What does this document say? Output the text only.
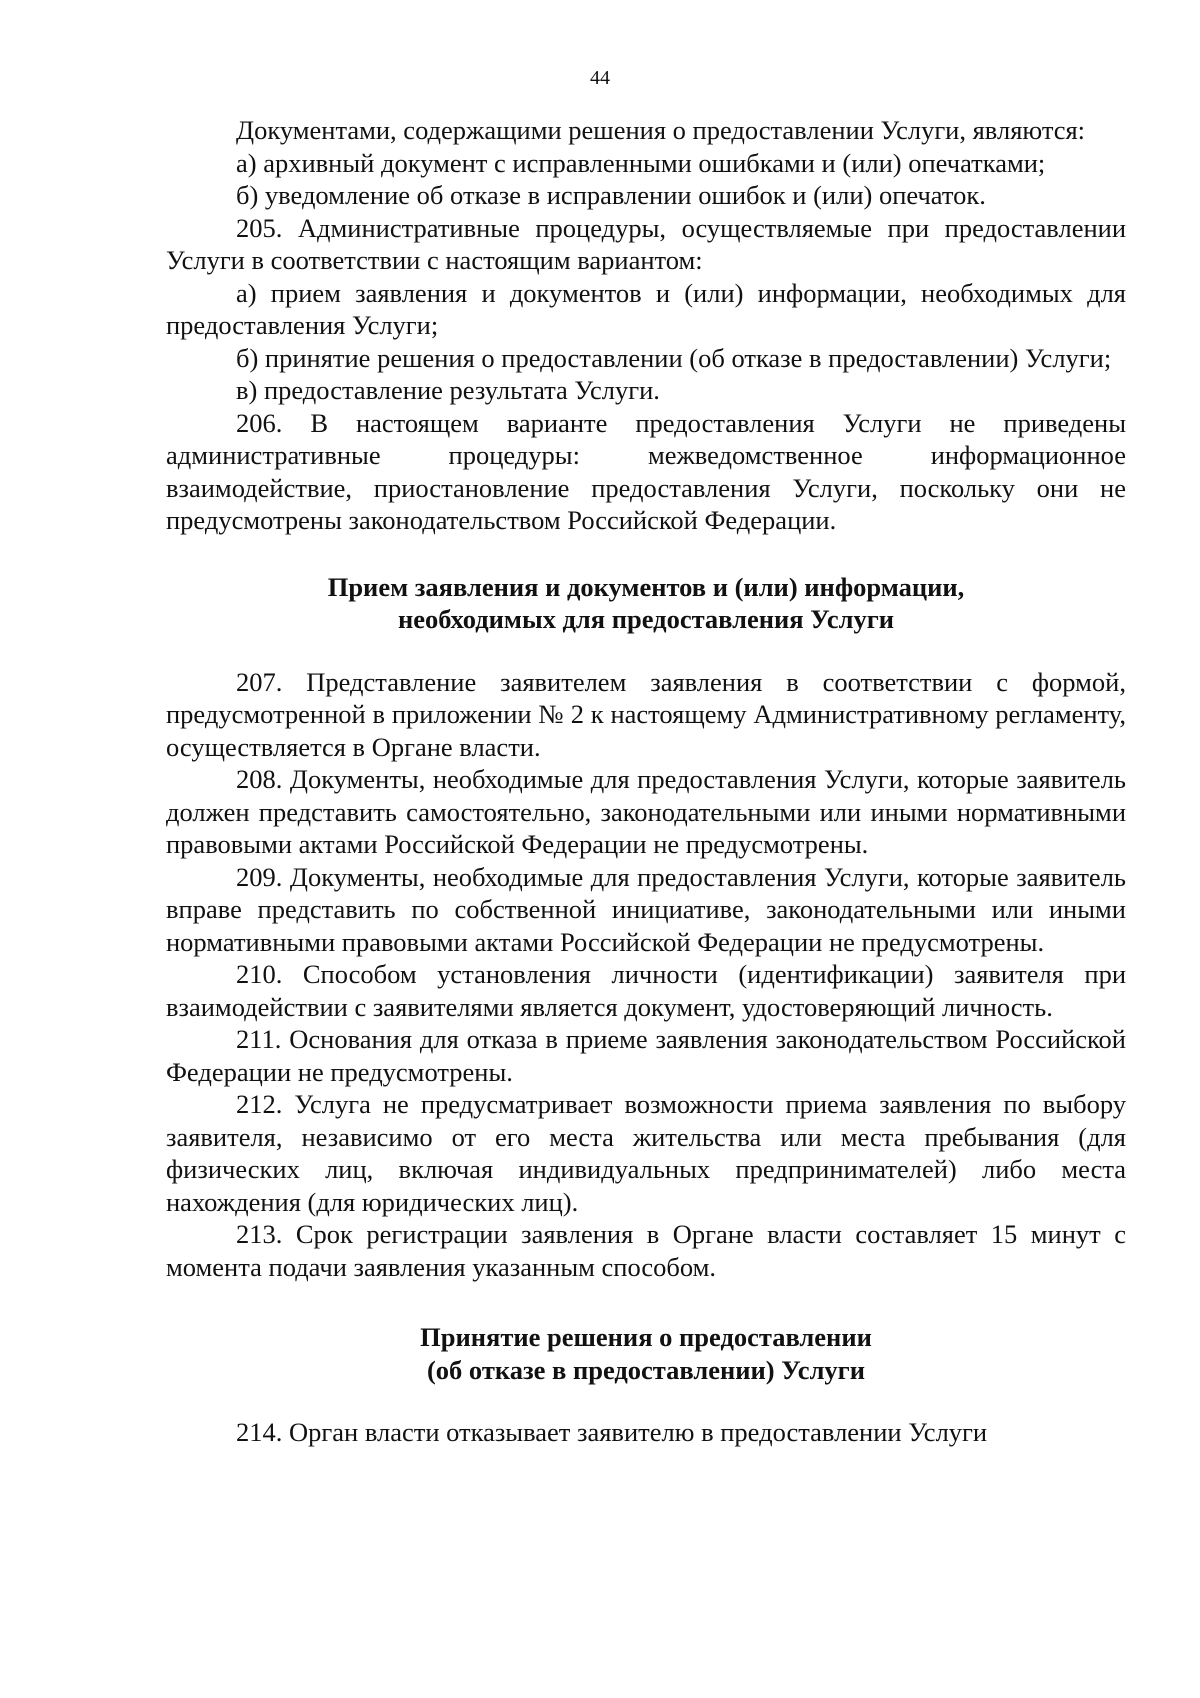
44

Документами, содержащими решения о предоставлении Услуги, являются:

а) архивный документ с исправленными ошибками и (или) опечатками;

б) уведомление об отказе в исправлении ошибок и (или) опечаток.

205. Административные процедуры, осуществляемые при предоставлении Услуги в соответствии с настоящим вариантом:

а) прием заявления и документов и (или) информации, необходимых для предоставления Услуги;

б) принятие решения о предоставлении (об отказе в предоставлении) Услуги;

в) предоставление результата Услуги.

206. В настоящем варианте предоставления Услуги не приведены административные процедуры: межведомственное информационное взаимодействие, приостановление предоставления Услуги, поскольку они не предусмотрены законодательством Российской Федерации.

Прием заявления и документов и (или) информации,
необходимых для предоставления Услуги

207. Представление заявителем заявления в соответствии с формой, предусмотренной в приложении № 2 к настоящему Административному регламенту, осуществляется в Органе власти.

208. Документы, необходимые для предоставления Услуги, которые заявитель должен представить самостоятельно, законодательными или иными нормативными правовыми актами Российской Федерации не предусмотрены.

209. Документы, необходимые для предоставления Услуги, которые заявитель вправе представить по собственной инициативе, законодательными или иными нормативными правовыми актами Российской Федерации не предусмотрены.

210. Способом установления личности (идентификации) заявителя при взаимодействии с заявителями является документ, удостоверяющий личность.

211. Основания для отказа в приеме заявления законодательством Российской Федерации не предусмотрены.

212. Услуга не предусматривает возможности приема заявления по выбору заявителя, независимо от его места жительства или места пребывания (для физических лиц, включая индивидуальных предпринимателей) либо места нахождения (для юридических лиц).

213. Срок регистрации заявления в Органе власти составляет 15 минут с момента подачи заявления указанным способом.

Принятие решения о предоставлении
(об отказе в предоставлении) Услуги

214. Орган власти отказывает заявителю в предоставлении Услуги
